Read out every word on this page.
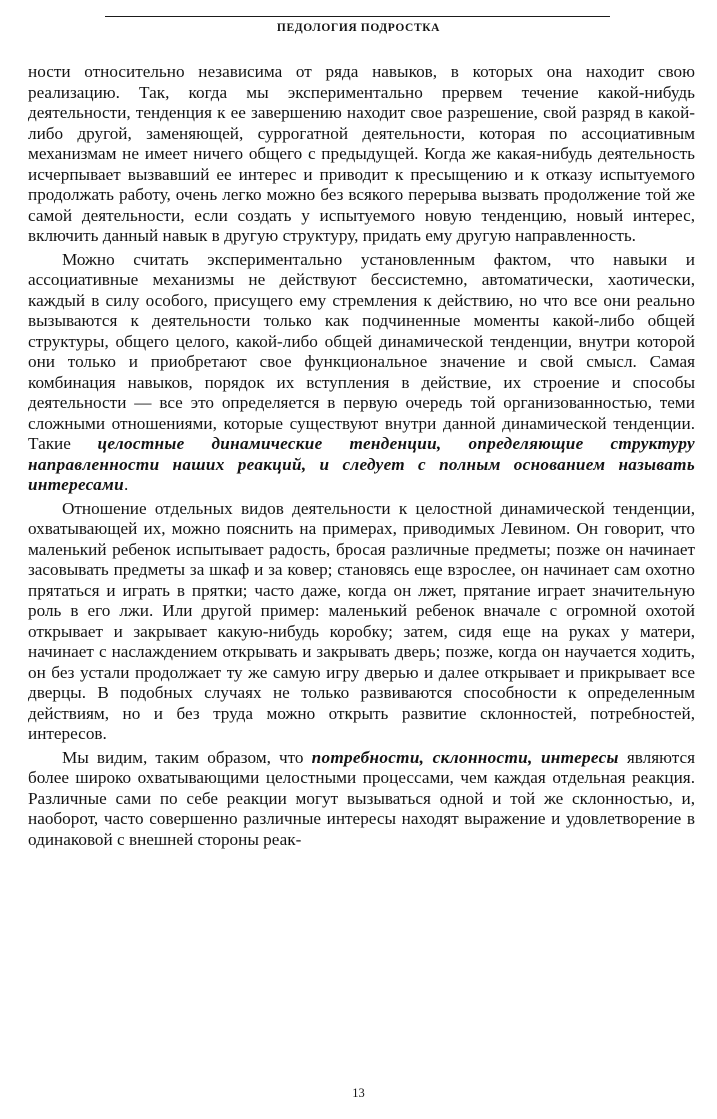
ПЕДОЛОГИЯ ПОДРОСТКА

ности относительно независима от ряда навыков, в которых она находит свою реализацию. Так, когда мы экспериментально прервем течение какой-нибудь деятельности, тенденция к ее завершению находит свое разрешение, свой разряд в какой-либо другой, заменяющей, суррогатной деятельности, которая по ассоциативным механизмам не имеет ничего общего с предыдущей. Когда же какая-нибудь деятельность исчерпывает вызвавший ее интерес и приводит к пресыщению и к отказу испытуемого продолжать работу, очень легко можно без всякого перерыва вызвать продолжение той же самой деятельности, если создать у испытуемого новую тенденцию, новый интерес, включить данный навык в другую структуру, придать ему другую направленность.

Можно считать экспериментально установленным фактом, что навыки и ассоциативные механизмы не действуют бессистемно, автоматически, хаотически, каждый в силу особого, присущего ему стремления к действию, но что все они реально вызываются к деятельности только как подчиненные моменты какой-либо общей структуры, общего целого, какой-либо общей динамической тенденции, внутри которой они только и приобретают свое функциональное значение и свой смысл. Самая комбинация навыков, порядок их вступления в действие, их строение и способы деятельности — все это определяется в первую очередь той организованностью, теми сложными отношениями, которые существуют внутри данной динамической тенденции. Такие целостные динамические тенденции, определяющие структуру направленности наших реакций, и следует с полным основанием называть интересами.

Отношение отдельных видов деятельности к целостной динамической тенденции, охватывающей их, можно пояснить на примерах, приводимых Левином. Он говорит, что маленький ребенок испытывает радость, бросая различные предметы; позже он начинает засовывать предметы за шкаф и за ковер; становясь еще взрослее, он начинает сам охотно прятаться и играть в прятки; часто даже, когда он лжет, прятание играет значительную роль в его лжи. Или другой пример: маленький ребенок вначале с огромной охотой открывает и закрывает какую-нибудь коробку; затем, сидя еще на руках у матери, начинает с наслаждением открывать и закрывать дверь; позже, когда он научается ходить, он без устали продолжает ту же самую игру дверью и далее открывает и прикрывает все дверцы. В подобных случаях не только развиваются способности к определенным действиям, но и без труда можно открыть развитие склонностей, потребностей, интересов.

Мы видим, таким образом, что потребности, склонности, интересы являются более широко охватывающими целостными процессами, чем каждая отдельная реакция. Различные сами по себе реакции могут вызываться одной и той же склонностью, и, наоборот, часто совершенно различные интересы находят выражение и удовлетворение в одинаковой с внешней стороны реак-

13
